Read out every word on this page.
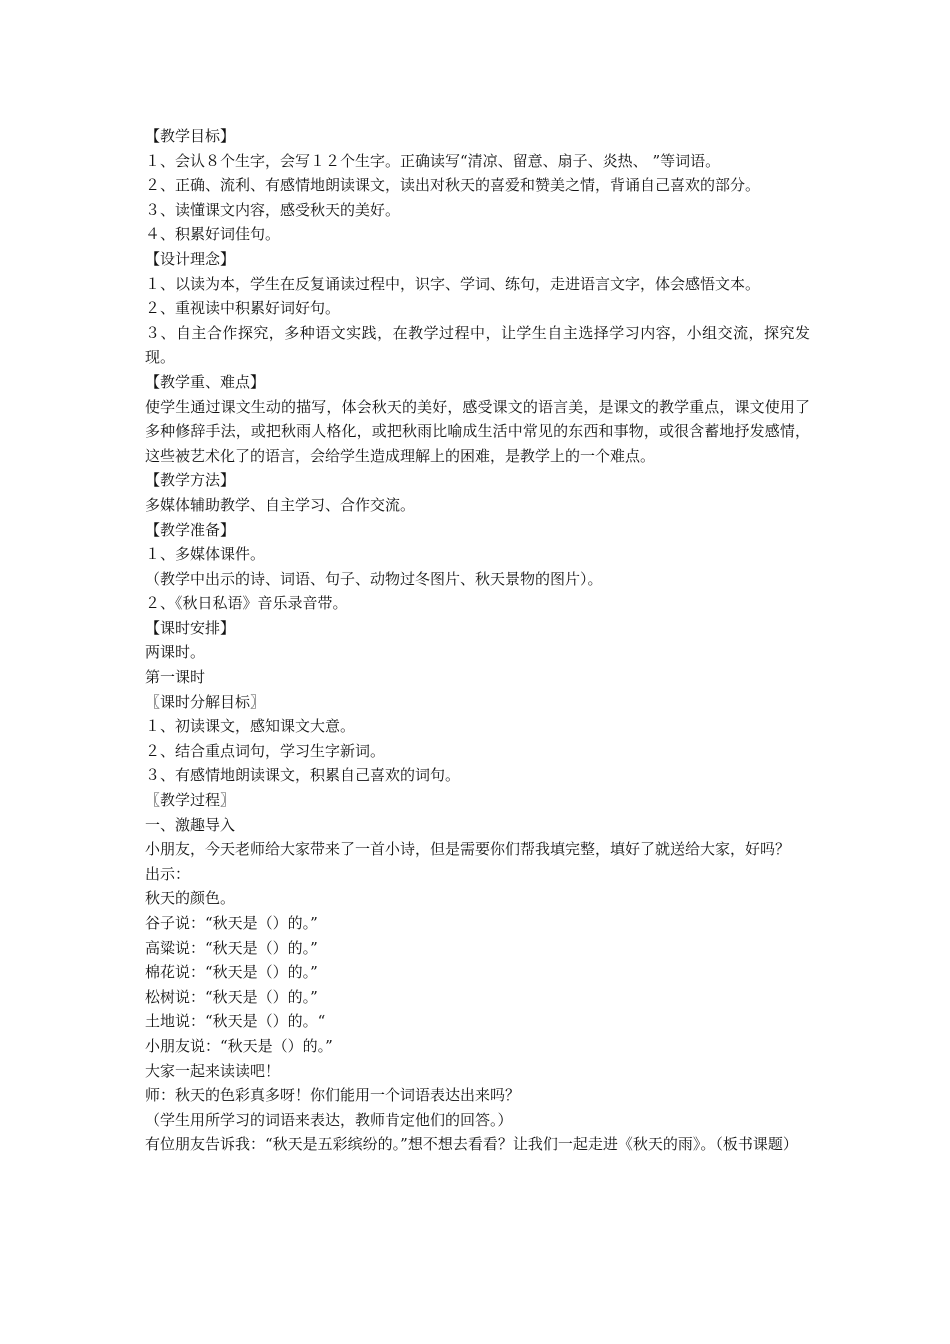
【教学目标】
１、会认８个生字，会写１２个生字。正确读写“清凉、留意、扇子、炎热、 ”等词语。
２、正确、流利、有感情地朗读课文，读出对秋天的喜爱和赞美之情，背诵自己喜欢的部分。
３、读懂课文内容，感受秋天的美好。
４、积累好词佳句。
【设计理念】
１、以读为本，学生在反复诵读过程中，识字、学词、练句，走进语言文字，体会感悟文本。
２、重视读中积累好词好句。
３、自主合作探究，多种语文实践，在教学过程中，让学生自主选择学习内容，小组交流，探究发现。
【教学重、难点】
使学生通过课文生动的描写，体会秋天的美好，感受课文的语言美，是课文的教学重点，课文使用了多种修辞手法，或把秋雨人格化，或把秋雨比喻成生活中常见的东西和事物，或很含蓄地抒发感情，这些被艺术化了的语言，会给学生造成理解上的困难，是教学上的一个难点。
【教学方法】
多媒体辅助教学、自主学习、合作交流。
【教学准备】
１、多媒体课件。
（教学中出示的诗、词语、句子、动物过冬图片、秋天景物的图片）。
２、《秋日私语》音乐录音带。
【课时安排】
两课时。
第一课时
〖课时分解目标〗
１、初读课文，感知课文大意。
２、结合重点词句，学习生字新词。
３、有感情地朗读课文，积累自己喜欢的词句。
〖教学过程〗
一、激趣导入
小朋友，今天老师给大家带来了一首小诗，但是需要你们帮我填完整，填好了就送给大家，好吗？
出示：
秋天的颜色。
谷子说：“秋天是（）的。”
高粱说：“秋天是（）的。”
棉花说：“秋天是（）的。”
松树说：“秋天是（）的。”
土地说：“秋天是（）的。“
小朋友说：“秋天是（）的。”
大家一起来读读吧！
师：秋天的色彩真多呀！你们能用一个词语表达出来吗？
（学生用所学习的词语来表达，教师肯定他们的回答。）
有位朋友告诉我：“秋天是五彩缤纷的。”想不想去看看？让我们一起走进《秋天的雨》。（板书课题）
